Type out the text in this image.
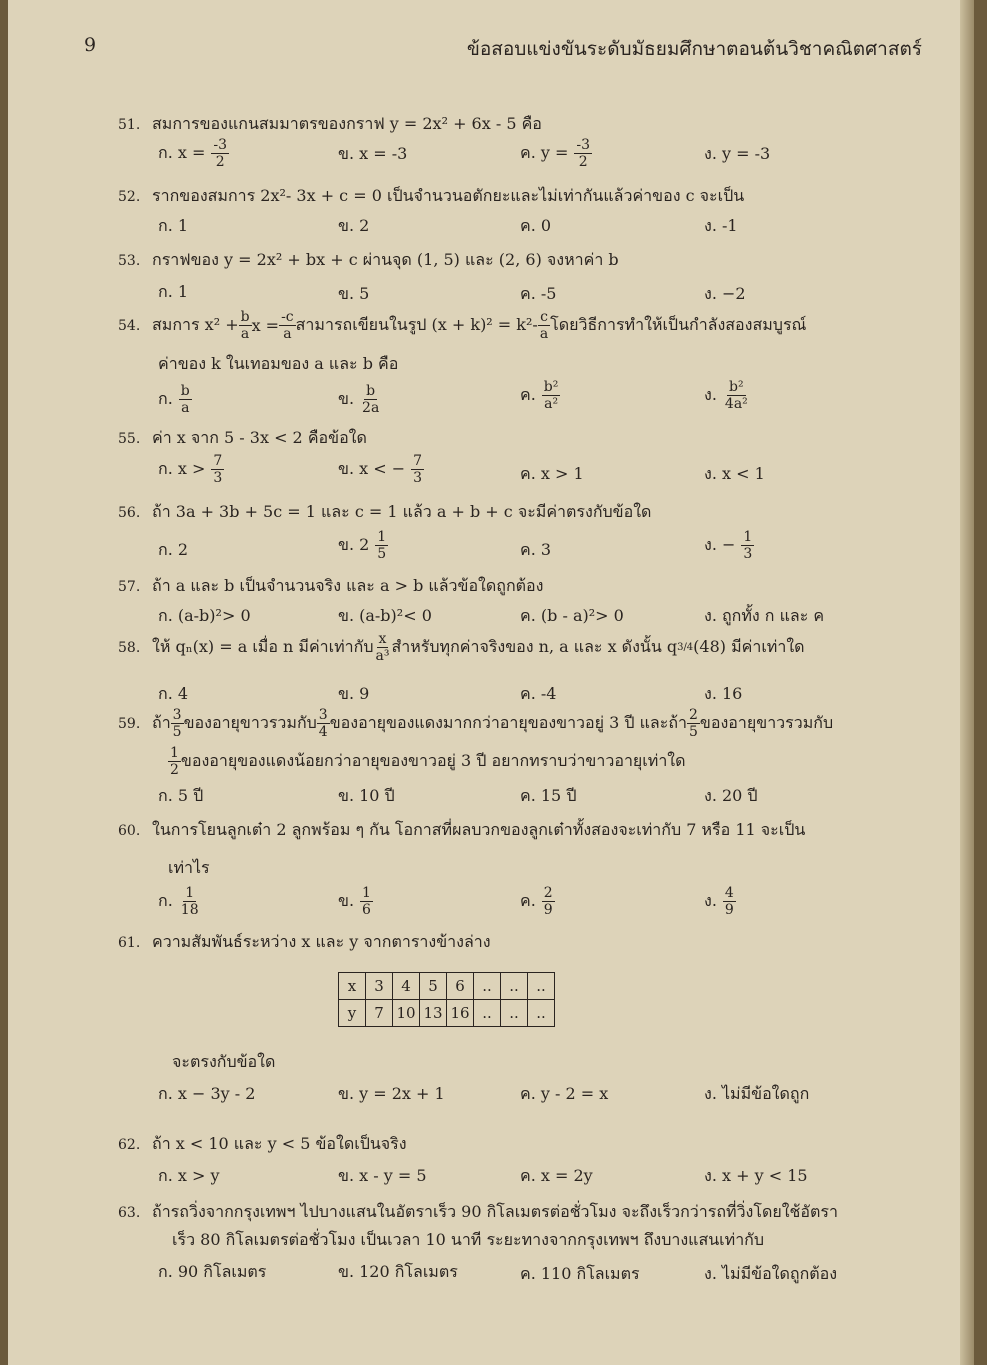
9	ข้อสอบแข่งขันระดับมัธยมศึกษาตอนต้นวิชาคณิตศาสตร์
51. สมการของแกนสมมาตรของกราฟ y = 2x² + 6x - 5 คือ
ก. $x = \frac{-3}{2}$	ข. x = -3	ค. $y = \frac{-3}{2}$	ง. y = -3
52. รากของสมการ 2x²- 3x + c = 0 เป็นจำนวนอตักยะและไม่เท่ากันแล้วค่าของ c จะเป็น
ก. 1	ข. 2	ค. 0	ง. -1
53. กราฟของ y = 2x² + bx + c ผ่านจุด (1, 5) และ (2, 6) จงหาค่า b
ก. 1	ข. 5	ค. -5	ง. −2
54. สมการ $x^2 + \frac{b}{a}$ $x = \frac{-c}{a}$ สามารถเขียนในรูป $(x + k)^2 = k^2- \frac{c}{a}$ โดยวิธีการทำให้เป็นกำลังสองสมบูรณ์
ค่าของ k ในเทอมของ a และ b คือ
ก. $\frac{b}{a}$	ข. $\frac{b}{2a}$	ค. $\frac{\text{b²}}{\text{a²}}$	ง. $\frac{\text{b²}}{\text{4a²}}$
55. ค่า x จาก 5 - 3x < 2 คือข้อใด
ก. $x > \frac{7}{3}$	ข. x < − $\frac{7}{3}$	ค. x > 1	ง. x < 1
56. ถ้า 3a + 3b + 5c = 1 และ c = 1 แล้ว a + b + c จะมีค่าตรงกับข้อใด
ก. 2	ข. $2 \frac{1}{5}$	ค. 3	ง. − $\frac{1}{3}$
57. ถ้า a และ b เป็นจำนวนจริง และ a > b แล้วข้อใดถูกต้อง
ก. (a-b)²> 0	ข. (a-b)²< 0	ค. (b - a)²> 0	ง. ถูกทั้ง ก และ ค
58. ให้ qₙ(x) = a เมื่อ n มีค่าเท่ากับ $\frac{x}{\text{a³}}$ สำหรับทุกค่าจริงของ n, a และ x ดังนั้น q 3/4 (48) มีค่าเท่าใด
ก. 4	ข. 9	ค. -4	ง. 16
59. ถ้า $\frac{3}{5}$ ของอายุขาวรวมกับ $\frac{3}{4}$ ของอายุของแดงมากกว่าอายุของขาวอยู่ 3 ปี และถ้า $\frac{2}{5}$ ของอายุขาวรวมกับ
$\frac{1}{2}$ ของอายุของแดงน้อยกว่าอายุของขาวอยู่ 3 ปี อยากทราบว่าขาวอายุเท่าใด
ก. 5 ปี	ข. 10 ปี	ค. 15 ปี	ง. 20 ปี
60. ในการโยนลูกเต๋า 2 ลูกพร้อม ๆ กัน โอกาสที่ผลบวกของลูกเต๋าทั้งสองจะเท่ากับ 7 หรือ 11 จะเป็น
เท่าไร
ก. $\frac{1}{18}$	ข. $\frac{1}{6}$	ค. $\frac{2}{9}$	ง. $\frac{4}{9}$
61. ความสัมพันธ์ระหว่าง x และ y จากตารางข้างล่าง
x	3	4	5	6	..	..	..
y	7	10	13	16	..	..	..
จะตรงกับข้อใด
ก. x − 3y - 2	ข. y = 2x + 1	ค. y - 2 = x	ง. ไม่มีข้อใดถูก
62. ถ้า x < 10 และ y < 5 ข้อใดเป็นจริง
ก. x > y	ข. x - y = 5	ค. x = 2y	ง. x + y < 15
63. ถ้ารถวิ่งจากกรุงเทพฯ ไปบางแสนในอัตราเร็ว 90 กิโลเมตรต่อชั่วโมง จะถึงเร็วกว่ารถที่วิ่งโดยใช้อัตรา
เร็ว 80 กิโลเมตรต่อชั่วโมง เป็นเวลา 10 นาที ระยะทางจากกรุงเทพฯ ถึงบางแสนเท่ากับ
ก. 90 กิโลเมตร	ข. 120 กิโลเมตร	ค. 110 กิโลเมตร	ง. ไม่มีข้อใดถูกต้อง
